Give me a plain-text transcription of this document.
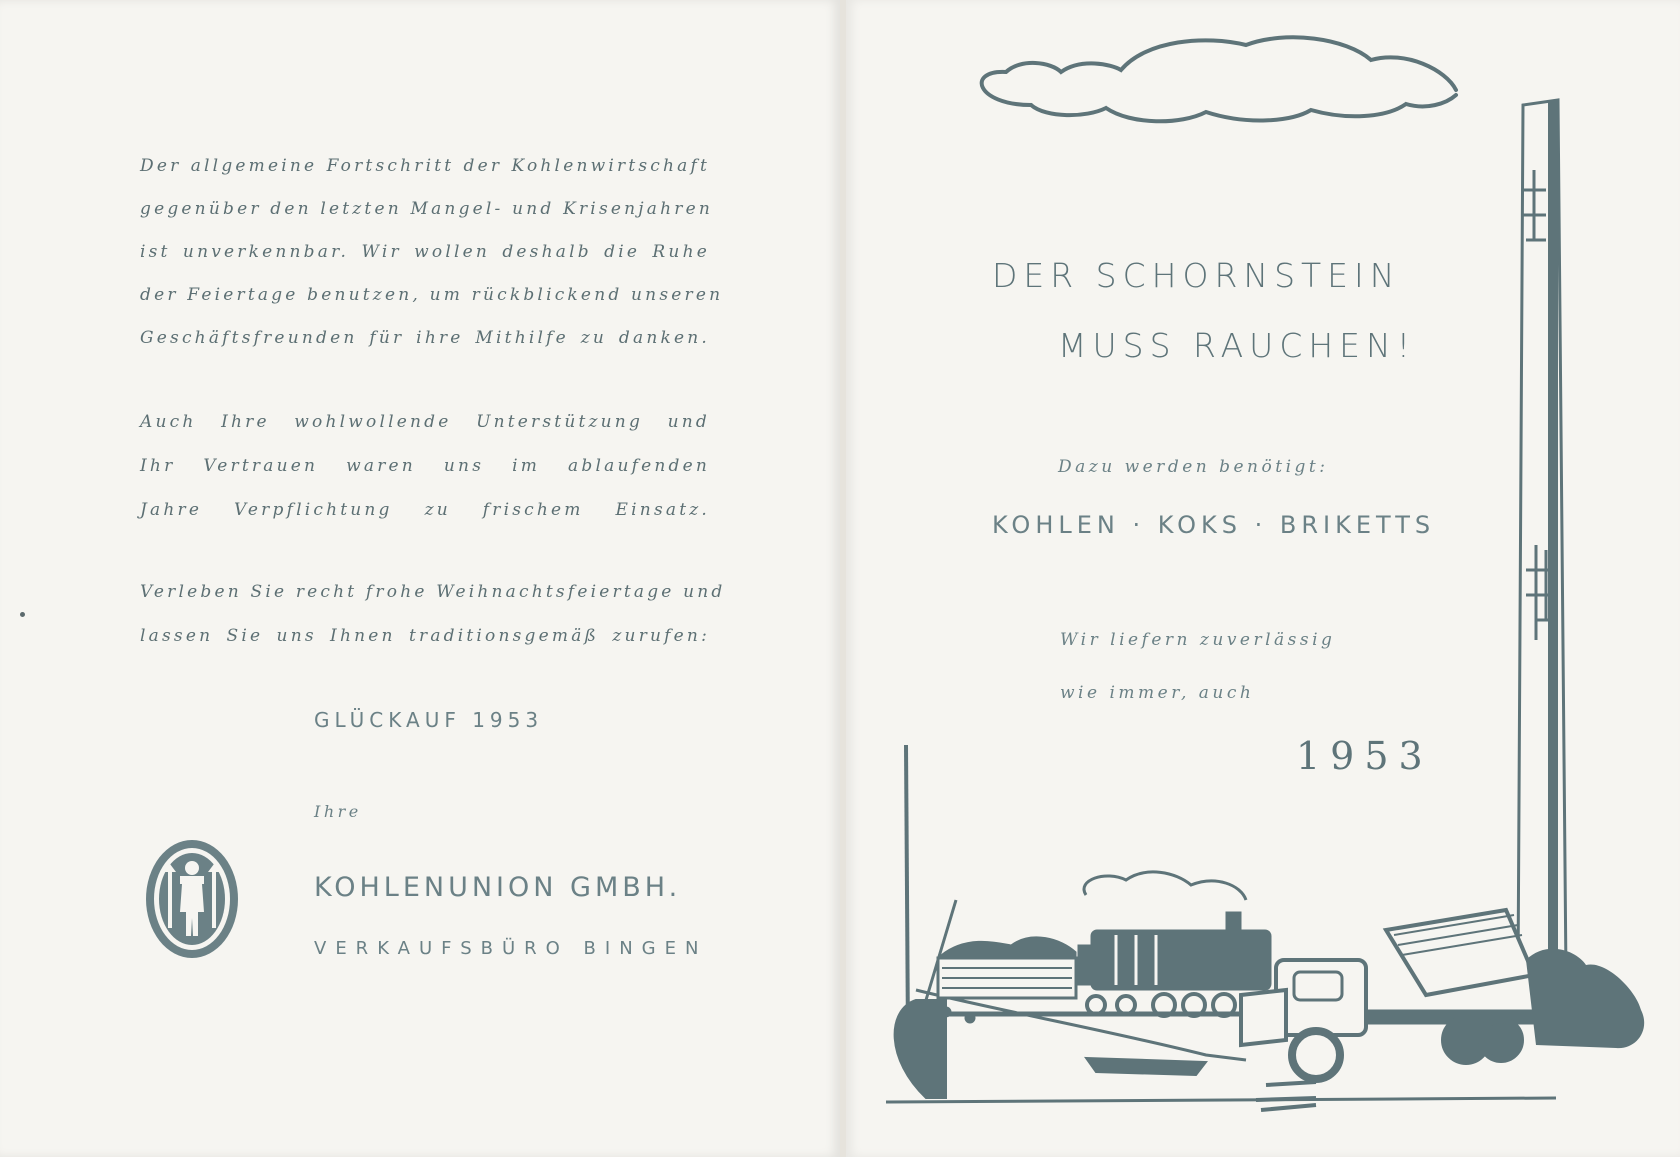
Der allgemeine Fortschritt der Kohlenwirtschaft
gegenüber den letzten Mangel- und Krisenjahren
ist unverkennbar. Wir wollen deshalb die Ruhe
der Feiertage benutzen, um rückblickend unseren
Geschäftsfreunden für ihre Mithilfe zu danken.
Auch Ihre wohlwollende Unterstützung und
Ihr Vertrauen waren uns im ablaufenden
Jahre Verpflichtung zu frischem Einsatz.
Verleben Sie recht frohe Weihnachtsfeiertage und
lassen Sie uns Ihnen traditionsgemäß zurufen:
GLÜCKAUF 1953
Ihre
KOHLENUNION GMBH.
VERKAUFSBÜRO BINGEN
DER SCHORNSTEIN
MUSS RAUCHEN!
Dazu werden benötigt:
KOHLEN · KOKS · BRIKETTS
Wir liefern zuverlässig
wie immer, auch
1953
